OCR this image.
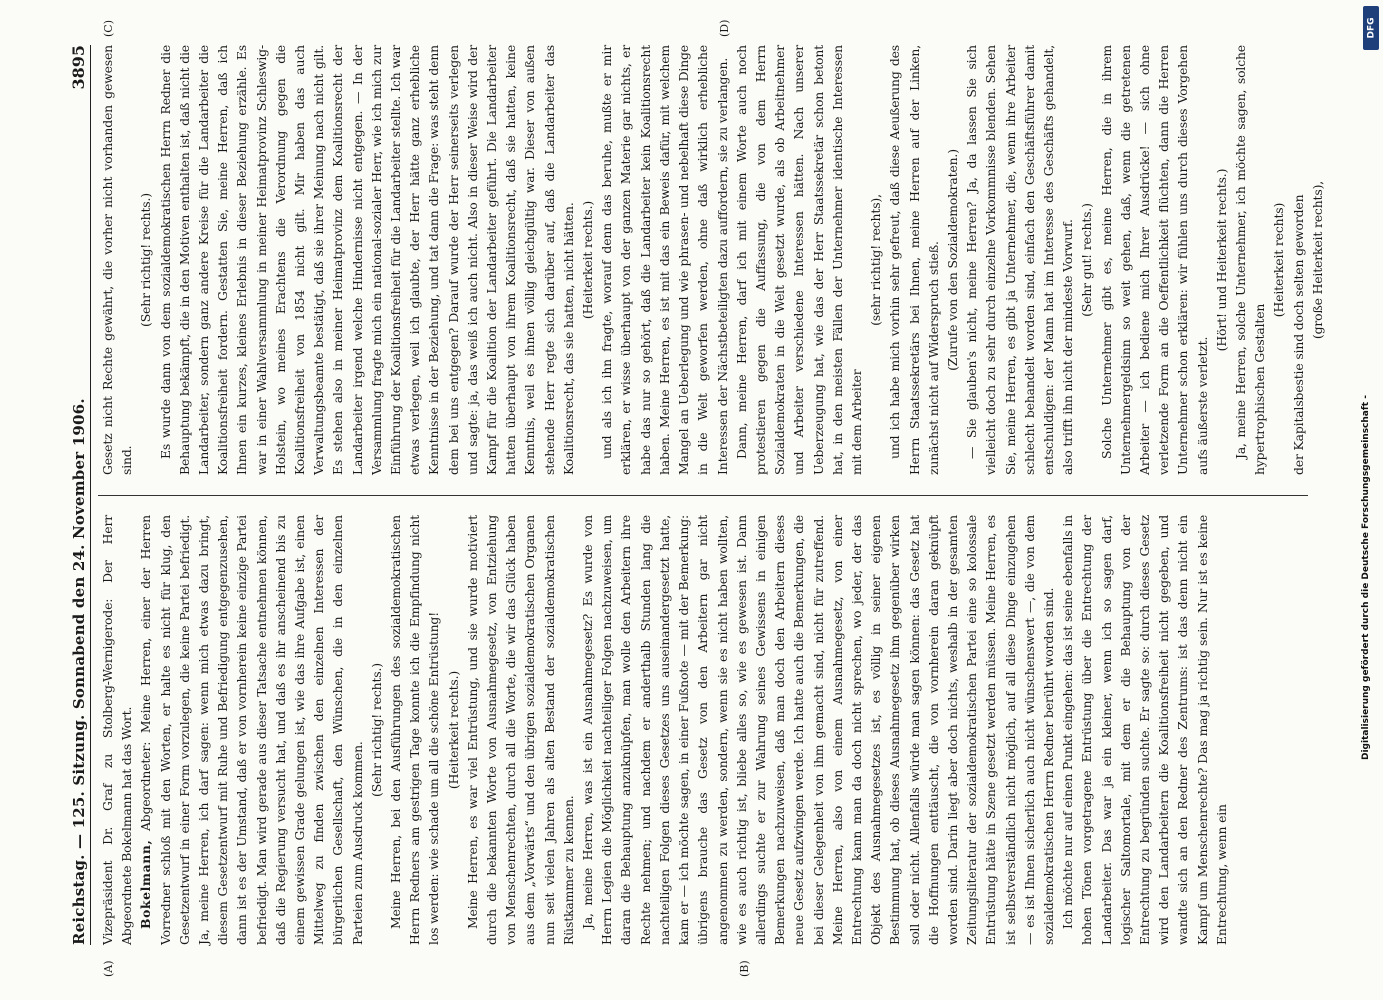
Reichstag. — 125. Sitzung. Sonnabend den 24. November 1906.
3895

Vizepräsident Dr. Graf zu Stolberg-Wernigerode: Der Herr Abgeordnete Bokelmann hat das Wort. Bokelmann, Abgeordneter: Meine Herren, einer der Herren Vorredner schloß mit den Worten, er halte es nicht für klug, den Gesetzentwurf in einer Form vorzulegen, die keine Partei befriedigt. Ja, meine Herren, ich darf sagen: wenn mich etwas dazu bringt, diesem Gesetzentwurf mit Ruhe und Befriedigung entgegenzusehen, dann ist es der Umstand, daß er von vornherein keine einzige Partei befriedigt. Man wird gerade aus dieser Tatsache entnehmen können, daß die Regierung versucht hat, und daß es ihr anscheinend bis zu einem gewissen Grade gelungen ist, wie das ihre Aufgabe ist, einen Mittelweg zu finden zwischen den einzelnen Interessen der bürgerlichen Gesellschaft, den Wünschen, die in den einzelnen Parteien zum Ausdruck kommen.

(Sehr richtig! rechts.) Meine Herren, bei den Ausführungen des sozialdemokratischen Herrn Redners am gestrigen Tage konnte ich die Empfindung nicht los werden: wie schade um all die schöne Entrüstung! (Heiterkeit rechts.) Meine Herren, es war viel Entrüstung, und sie wurde motiviert durch die bekannten Worte von Ausnahmegesetz, von Entziehung von Menschenrechten, durch all die Worte, die wir das Glück haben aus dem „Vorwärts“ und den übrigen sozialdemokratischen Organen nun seit vielen Jahren als alten Bestand der sozialdemokratischen Rüstkammer zu kennen. Ja, meine Herren, was ist ein Ausnahmegesetz? Es wurde von Herrn Legien die Möglichkeit nachteiliger Folgen nachzuweisen, um daran die Behauptung anzuknüpfen, man wolle den Arbeitern ihre Rechte nehmen; und nachdem er anderthalb Stunden lang die nachteiligen Folgen dieses Gesetzes uns auseinandergesetzt hatte, kam er — ich möchte sagen, in einer Fußnote — mit der Bemerkung: übrigens brauche das Gesetz von den Arbeitern gar nicht angenommen zu werden, sondern, wenn sie es nicht haben wollten, wie es auch richtig ist, bliebe alles so, wie es gewesen ist. Dann allerdings suchte er zur Wahrung seines Gewissens in einigen Bemerkungen nachzuweisen, daß man doch den Arbeitern dieses neue Gesetz aufzwingen werde. Ich hatte auch die Bemerkungen, die bei dieser Gelegenheit von ihm gemacht sind, nicht für zutreffend. Meine Herren, also von einem Ausnahmegesetz, von einer Entrechtung kann man da doch nicht sprechen, wo jeder, der das Objekt des Ausnahmegesetzes ist, es völlig in seiner eigenen Bestimmung hat, ob dieses Ausnahmegesetz ihm gegenüber wirken soll oder nicht. Allenfalls würde man sagen können: das Gesetz hat die Hoffnungen enttäuscht, die von vornherein daran geknüpft worden sind. Darin liegt aber doch nichts, weshalb in der gesamten Zeitungsliteratur der sozialdemokratischen Partei eine so kolossale Entrüstung hätte in Szene gesetzt werden müssen. Meine Herren, es ist selbstverständlich nicht möglich, auf all diese Dinge einzugehen — es ist Ihnen sicherlich auch nicht wünschenswert —, die von dem sozialdemokratischen Herrn Redner berührt worden sind. Ich möchte nur auf einen Punkt eingehen: das ist seine ebenfalls in hohen Tönen vorgetragene Entrüstung über die Entrechtung der Landarbeiter. Das war ja ein kleiner, wenn ich so sagen darf, logischer Saltomortale, mit dem er die Behauptung von der Entrechtung zu begründen suchte. Er sagte so: durch dieses Gesetz wird den Landarbeitern die Koalitionsfreiheit nicht gegeben, und wandte sich an den Redner des Zentrums: ist das denn nicht ein Kampf um Menschenrechte? Das mag ja richtig sein. Nur ist es keine Entrechtung, wenn ein

Gesetz nicht Rechte gewährt, die vorher nicht vorhanden gewesen sind.

(Sehr richtig! rechts.) Es wurde dann von dem sozialdemokratischen Herrn Redner die Behauptung bekämpft, die in den Motiven enthalten ist, daß nicht die Landarbeiter, sondern ganz andere Kreise für die Landarbeiter die Koalitionsfreiheit fordern. Gestatten Sie, meine Herren, daß ich Ihnen ein kurzes, kleines Erlebnis in dieser Beziehung erzähle. Es war in einer Wahlversammlung in meiner Heimatprovinz Schleswig-Holstein, wo meines Erachtens die Verordnung gegen die Koalitionsfreiheit von 1854 nicht gilt. Mir haben das auch Verwaltungsbeamte bestätigt, daß sie ihrer Meinung nach nicht gilt. Es stehen also in meiner Heimatprovinz dem Koalitionsrecht der Landarbeiter irgend welche Hindernisse nicht entgegen. — In der Versammlung fragte mich ein national-sozialer Herr, wie ich mich zur Einführung der Koalitionsfreiheit für die Landarbeiter stellte. Ich war etwas verlegen, weil ich glaubte, der Herr hätte ganz erhebliche Kenntnisse in der Beziehung, und tat dann die Frage: was steht denn dem bei uns entgegen? Darauf wurde der Herr seinerseits verlegen und sagte: ja, das weiß ich auch nicht. Also in dieser Weise wird der Kampf für die Koalition der Landarbeiter geführt. Die Landarbeiter hatten überhaupt von ihrem Koalitionsrecht, daß sie hatten, keine Kenntnis, weil es ihnen völlig gleichgültig war. Dieser von außen stehende Herr regte sich darüber auf, daß die Landarbeiter das Koalitionsrecht, das sie hatten, nicht hätten. (Heiterkeit rechts.) und als ich ihn fragte, worauf denn das beruhe, mußte er mir erklären, er wisse überhaupt von der ganzen Materie gar nichts, er habe das nur so gehört, daß die Landarbeiter kein Koalitionsrecht haben. Meine Herren, es ist mit das ein Beweis dafür, mit welchem Mangel an Ueberlegung und wie phrasen- und nebelhaft diese Dinge in die Welt geworfen werden, ohne daß wirklich erhebliche Interessen der Nächstbeteiligten dazu auffordern, sie zu verlangen. Dann, meine Herren, darf ich mit einem Worte auch noch protestieren gegen die Auffassung, die von dem Herrn Sozialdemokraten in die Welt gesetzt wurde, als ob Arbeitnehmer und Arbeiter verschiedene Interessen hätten. Nach unserer Ueberzeugung hat, wie das der Herr Staatssekretär schon betont hat, in den meisten Fällen der Unternehmer identische Interessen mit dem Arbeiter

(sehr richtig! rechts), und ich habe mich vorhin sehr gefreut, daß diese Aeußerung des Herrn Staatssekretärs bei Ihnen, meine Herren auf der Linken, zunächst nicht auf Widerspruch stieß. (Zurufe von den Sozialdemokraten.) — Sie glauben's nicht, meine Herren? Ja, da lassen Sie sich vielleicht doch zu sehr durch einzelne Vorkommnisse blenden. Sehen Sie, meine Herren, es gibt ja Unternehmer, die, wenn ihre Arbeiter schlecht behandelt worden sind, einfach den Geschäftsführer damit entschuldigen: der Mann hat im Interesse des Geschäfts gehandelt, also trifft ihn nicht der mindeste Vorwurf. (Sehr gut! rechts.) Solche Unternehmer gibt es, meine Herren, die in ihrem Unternehmergeldsinn so weit gehen, daß, wenn die getretenen Arbeiter — ich bediene mich Ihrer Ausdrücke! — sich ohne verletzende Form an die Oeffentlichkeit flüchten, dann die Herren Unternehmer schon erklären: wir fühlen uns durch dieses Vorgehen aufs äußerste verletzt.

(Hört! und Heiterkeit rechts.) Ja, meine Herren, solche Unternehmer, ich möchte sagen, solche hypertrophischen Gestalten

(Heiterkeit rechts) der Kapitalsbestie sind doch selten geworden (große Heiterkeit rechts),

(A)	(B)
(C)	(D)	DFG
Digitalisierung gefördert durch die Deutsche Forschungsgemeinschaft -
